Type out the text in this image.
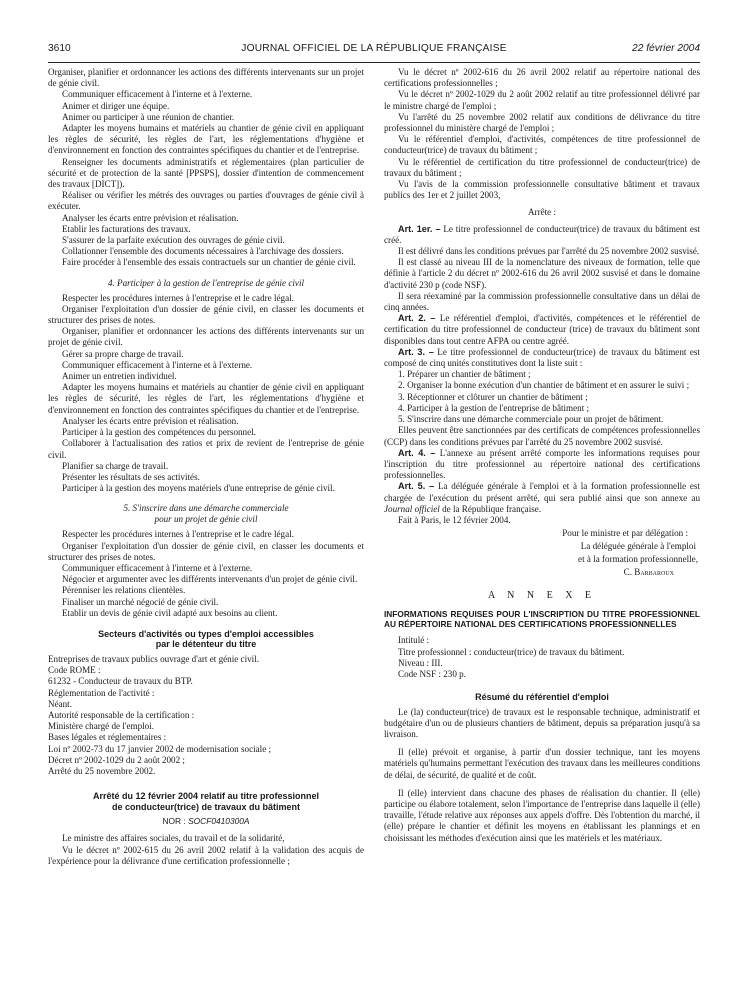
3610	JOURNAL OFFICIEL DE LA RÉPUBLIQUE FRANÇAISE	22 février 2004

Organiser, planifier et ordonnancer les actions des différents intervenants sur un projet de génie civil.

Communiquer efficacement à l'interne et à l'externe.

Animer et diriger une équipe.

Animer ou participer à une réunion de chantier.

Adapter les moyens humains et matériels au chantier de génie civil en appliquant les règles de sécurité, les règles de l'art, les réglementations d'hygiène et d'environnement en fonction des contraintes spécifiques du chantier et de l'entreprise.

Renseigner les documents administratifs et réglementaires (plan particulier de sécurité et de protection de la santé [PPSPS], dossier d'intention de commencement des travaux [DICT]).

Réaliser ou vérifier les métrés des ouvrages ou parties d'ouvrages de génie civil à exécuter.

Analyser les écarts entre prévision et réalisation.

Etablir les facturations des travaux.

S'assurer de la parfaite exécution des ouvrages de génie civil.

Collationner l'ensemble des documents nécessaires à l'archivage des dossiers.

Faire procéder à l'ensemble des essais contractuels sur un chantier de génie civil.

4. Participer à la gestion de l'entreprise de génie civil

Respecter les procédures internes à l'entreprise et le cadre légal.

Organiser l'exploitation d'un dossier de génie civil, en classer les documents et structurer des prises de notes.

Organiser, planifier et ordonnancer les actions des différents intervenants sur un projet de génie civil.

Gérer sa propre charge de travail.

Communiquer efficacement à l'interne et à l'externe.

Animer un entretien individuel.

Adapter les moyens humains et matériels au chantier de génie civil en appliquant les règles de sécurité, les règles de l'art, les réglementations d'hygiène et d'environnement en fonction des contraintes spécifiques du chantier et de l'entreprise.

Analyser les écarts entre prévision et réalisation.

Participer à la gestion des compétences du personnel.

Collaborer à l'actualisation des ratios et prix de revient de l'entreprise de génie civil.

Planifier sa charge de travail.

Présenter les résultats de ses activités.

Participer à la gestion des moyens matériels d'une entreprise de génie civil.

5. S'inscrire dans une démarche commerciale
pour un projet de génie civil

Respecter les procédures internes à l'entreprise et le cadre légal.

Organiser l'exploitation d'un dossier de génie civil, en classer les documents et structurer des prises de notes.

Communiquer efficacement à l'interne et à l'externe.

Négocier et argumenter avec les différents intervenants d'un projet de génie civil.

Pérenniser les relations clientèles.

Finaliser un marché négocié de génie civil.

Etablir un devis de génie civil adapté aux besoins au client.

Secteurs d'activités ou types d'emploi accessibles
par le détenteur du titre

Entreprises de travaux publics ouvrage d'art et génie civil.

Code ROME :

61232 - Conducteur de travaux du BTP.

Réglementation de l'activité :

Néant.

Autorité responsable de la certification :

Ministère chargé de l'emploi.

Bases légales et réglementaires :

Loi nº 2002-73 du 17 janvier 2002 de modernisation sociale ;

Décret nº 2002-1029 du 2 août 2002 ;

Arrêté du 25 novembre 2002.

Arrêté du 12 février 2004 relatif au titre professionnel
de conducteur(trice) de travaux du bâtiment
NOR : SOCF0410300A

Le ministre des affaires sociales, du travail et de la solidarité,

Vu le décret nº 2002-615 du 26 avril 2002 relatif à la validation des acquis de l'expérience pour la délivrance d'une certification professionnelle ;

Vu le décret nº 2002-616 du 26 avril 2002 relatif au répertoire national des certifications professionnelles ;

Vu le décret nº 2002-1029 du 2 août 2002 relatif au titre professionnel délivré par le ministre chargé de l'emploi ;

Vu l'arrêté du 25 novembre 2002 relatif aux conditions de délivrance du titre professionnel du ministère chargé de l'emploi ;

Vu le référentiel d'emploi, d'activités, compétences de titre professionnel de conducteur(trice) de travaux du bâtiment ;

Vu le référentiel de certification du titre professionnel de conducteur(trice) de travaux du bâtiment ;

Vu l'avis de la commission professionnelle consultative bâtiment et travaux publics des 1er et 2 juillet 2003,

Arrête :

Art. 1er. – Le titre professionnel de conducteur(trice) de travaux du bâtiment est créé.

Il est délivré dans les conditions prévues par l'arrêté du 25 novembre 2002 susvisé.

Il est classé au niveau III de la nomenclature des niveaux de formation, telle que définie à l'article 2 du décret nº 2002-616 du 26 avril 2002 susvisé et dans le domaine d'activité 230 p (code NSF).

Il sera réexaminé par la commission professionnelle consultative dans un délai de cinq années.

Art. 2. – Le référentiel d'emploi, d'activités, compétences et le référentiel de certification du titre professionnel de conducteur (trice) de travaux du bâtiment sont disponibles dans tout centre AFPA ou centre agréé.

Art. 3. – Le titre professionnel de conducteur(trice) de travaux du bâtiment est composé de cinq unités constitutives dont la liste suit :

1. Préparer un chantier de bâtiment ;

2. Organiser la bonne exécution d'un chantier de bâtiment et en assurer le suivi ;

3. Réceptionner et clôturer un chantier de bâtiment ;

4. Participer à la gestion de l'entreprise de bâtiment ;

5. S'inscrire dans une démarche commerciale pour un projet de bâtiment.

Elles peuvent être sanctionnées par des certificats de compétences professionnelles (CCP) dans les conditions prévues par l'arrêté du 25 novembre 2002 susvisé.

Art. 4. – L'annexe au présent arrêté comporte les informations requises pour l'inscription du titre professionnel au répertoire national des certifications professionnelles.

Art. 5. – La déléguée générale à l'emploi et à la formation professionnelle est chargée de l'exécution du présent arrêté, qui sera publié ainsi que son annexe au Journal officiel de la République française.

Fait à Paris, le 12 février 2004.

Pour le ministre et par délégation :
La déléguée générale à l'emploi
et à la formation professionnelle,
C. Barbaroux
A N N E X E
INFORMATIONS REQUISES POUR L'INSCRIPTION DU TITRE PROFESSIONNEL AU RÉPERTOIRE NATIONAL DES CERTIFICATIONS PROFESSIONNELLES

Intitulé :

Titre professionnel : conducteur(trice) de travaux du bâtiment.

Niveau : III.

Code NSF : 230 p.

Résumé du référentiel d'emploi

Le (la) conducteur(trice) de travaux est le responsable technique, administratif et budgétaire d'un ou de plusieurs chantiers de bâtiment, depuis sa préparation jusqu'à sa livraison.

Il (elle) prévoit et organise, à partir d'un dossier technique, tant les moyens matériels qu'humains permettant l'exécution des travaux dans les meilleures conditions de délai, de sécurité, de qualité et de coût.

Il (elle) intervient dans chacune des phases de réalisation du chantier. Il (elle) participe ou élabore totalement, selon l'importance de l'entreprise dans laquelle il (elle) travaille, l'étude relative aux réponses aux appels d'offre. Dès l'obtention du marché, il (elle) prépare le chantier et définit les moyens en établissant les plannings et en choisissant les méthodes d'exécution ainsi que les matériels et les matériaux.
